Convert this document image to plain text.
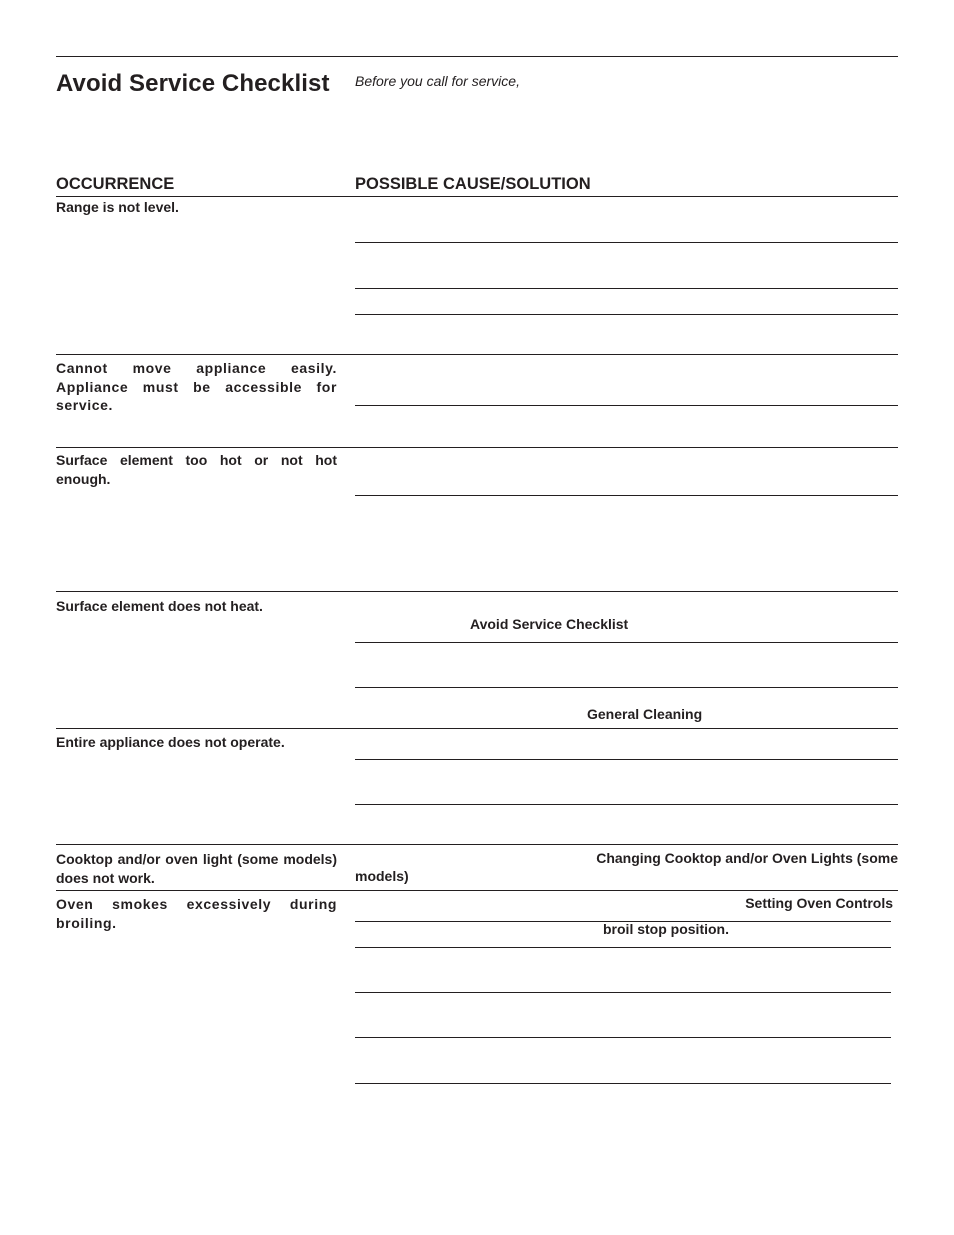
Avoid Service Checklist Before you call for service,
OCCURRENCE	POSSIBLE CAUSE/SOLUTION
Range is not level.
Cannot move appliance easily. Appliance must be accessible for service.
Surface element too hot or not hot enough.
Surface element does not heat.
Entire appliance does not operate.
Cooktop and/or oven light (some models) does not work.
Oven smokes excessively during broiling.
Avoid Service Checklist
General Cleaning
Changing Cooktop and/or Oven Lights (some
models)
Setting Oven Controls
broil stop position.
